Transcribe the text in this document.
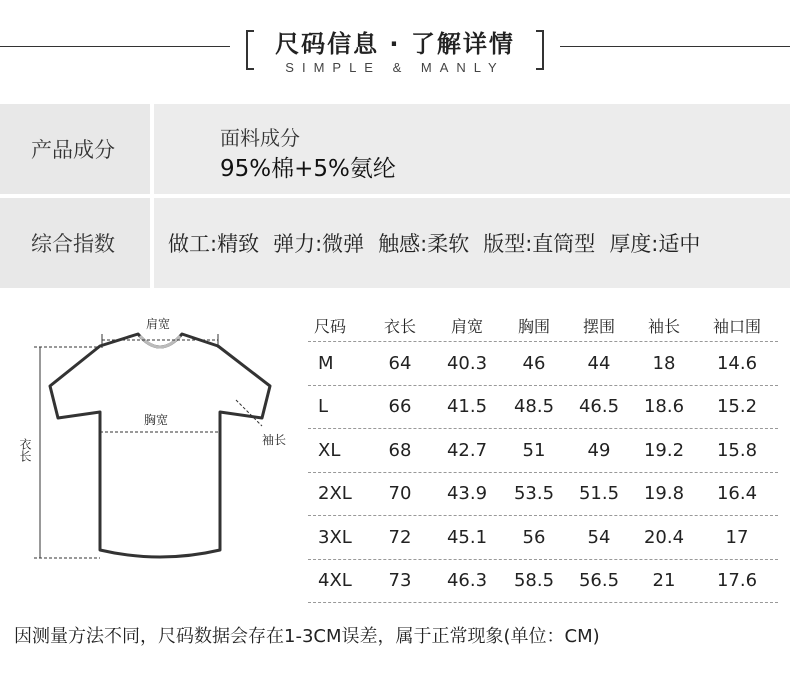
尺码信息 · 了解详情
SIMPLE & MANLY
产品成分	面料成分
95%棉+5%氨纶
综合指数	做工:精致 弹力:微弹 触感:柔软 版型:直筒型 厚度:适中
肩宽
胸宽
袖长
衣长
尺码	衣长	肩宽	胸围	摆围	袖长	袖口围
M	64	40.3	46	44	18	14.6
L	66	41.5	48.5	46.5	18.6	15.2
XL	68	42.7	51	49	19.2	15.8
2XL	70	43.9	53.5	51.5	19.8	16.4
3XL	72	45.1	56	54	20.4	17
4XL	73	46.3	58.5	56.5	21	17.6
因测量方法不同，尺码数据会存在1-3CM误差，属于正常现象(单位：CM)
